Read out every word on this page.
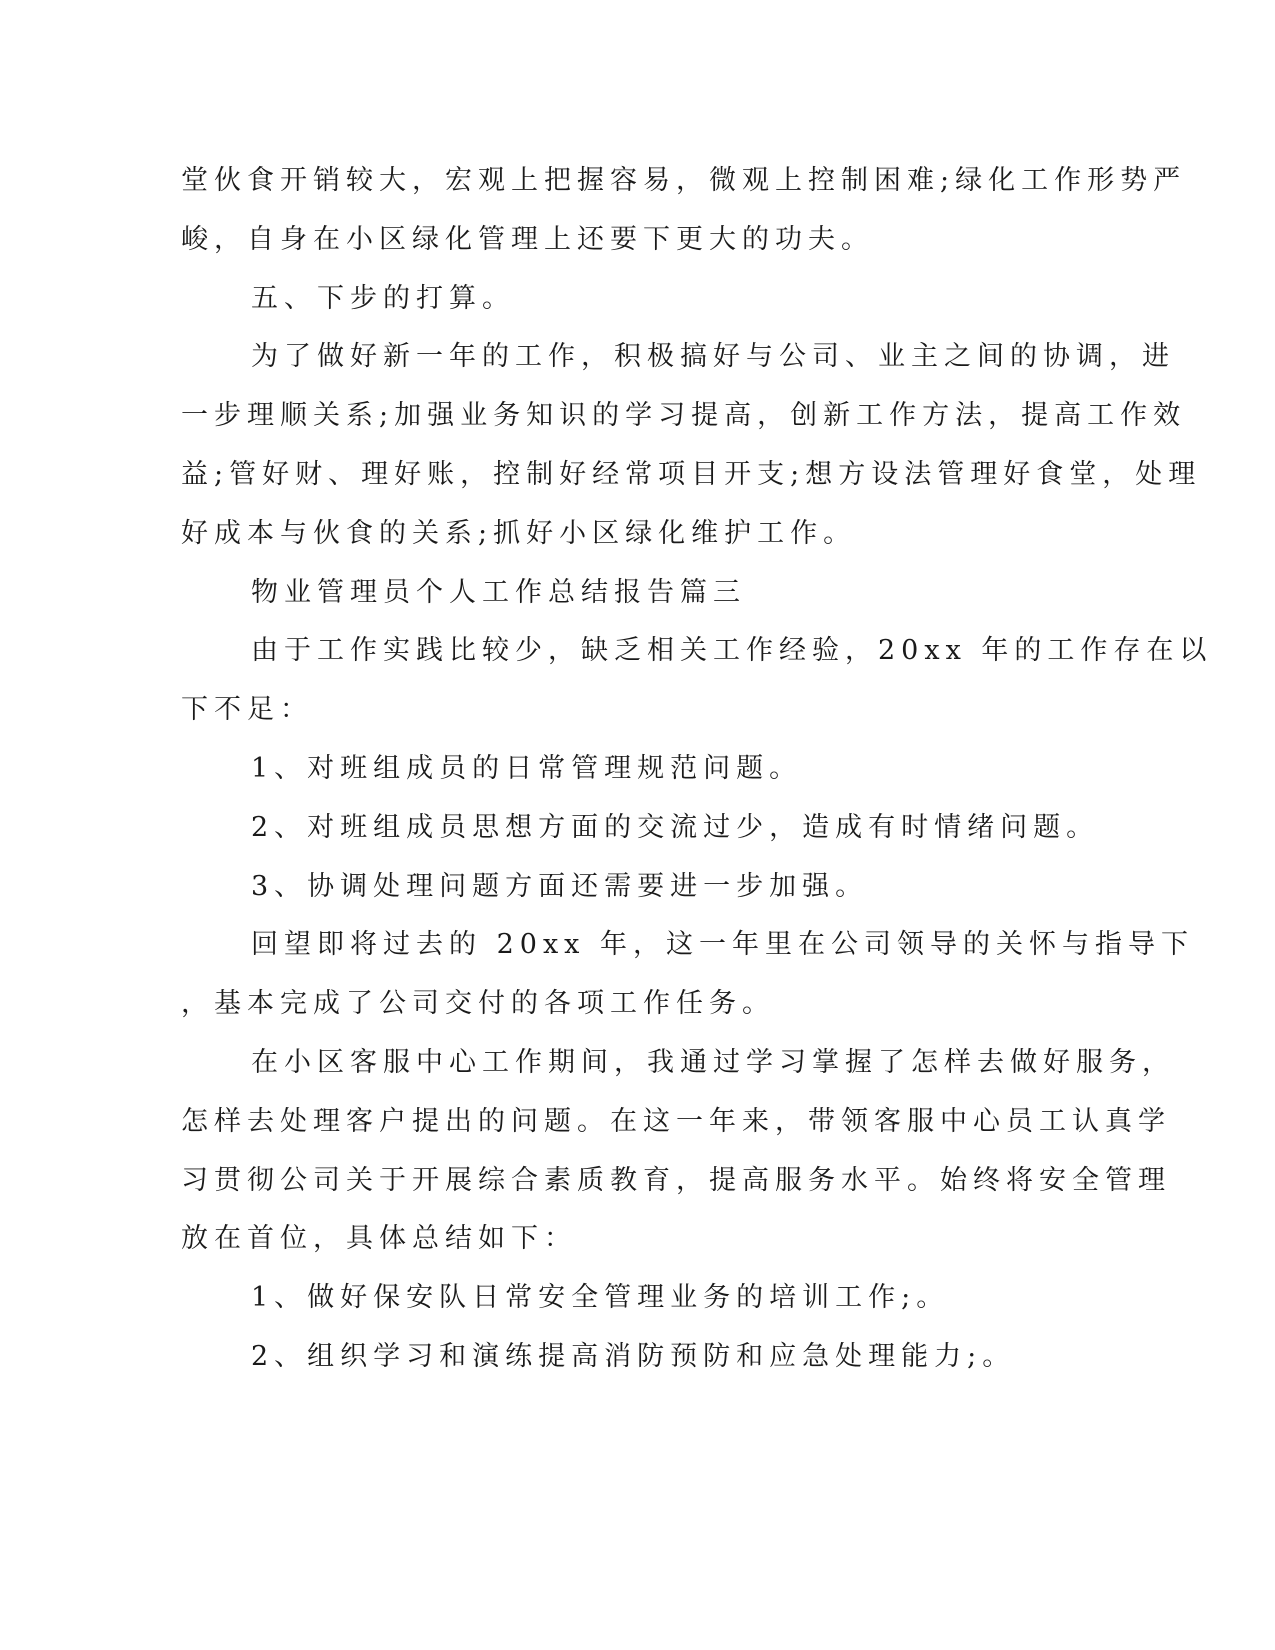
堂伙食开销较大，宏观上把握容易，微观上控制困难;绿化工作形势严
峻，自身在小区绿化管理上还要下更大的功夫。
五、下步的打算。
为了做好新一年的工作，积极搞好与公司、业主之间的协调，进
一步理顺关系;加强业务知识的学习提高，创新工作方法，提高工作效
益;管好财、理好账，控制好经常项目开支;想方设法管理好食堂，处理
好成本与伙食的关系;抓好小区绿化维护工作。
物业管理员个人工作总结报告篇三
由于工作实践比较少，缺乏相关工作经验，20xx 年的工作存在以
下不足：
1、对班组成员的日常管理规范问题。
2、对班组成员思想方面的交流过少，造成有时情绪问题。
3、协调处理问题方面还需要进一步加强。
回望即将过去的 20xx 年，这一年里在公司领导的关怀与指导下
，基本完成了公司交付的各项工作任务。
在小区客服中心工作期间，我通过学习掌握了怎样去做好服务，
怎样去处理客户提出的问题。在这一年来，带领客服中心员工认真学
习贯彻公司关于开展综合素质教育，提高服务水平。始终将安全管理
放在首位，具体总结如下：
1、做好保安队日常安全管理业务的培训工作;。
2、组织学习和演练提高消防预防和应急处理能力;。
